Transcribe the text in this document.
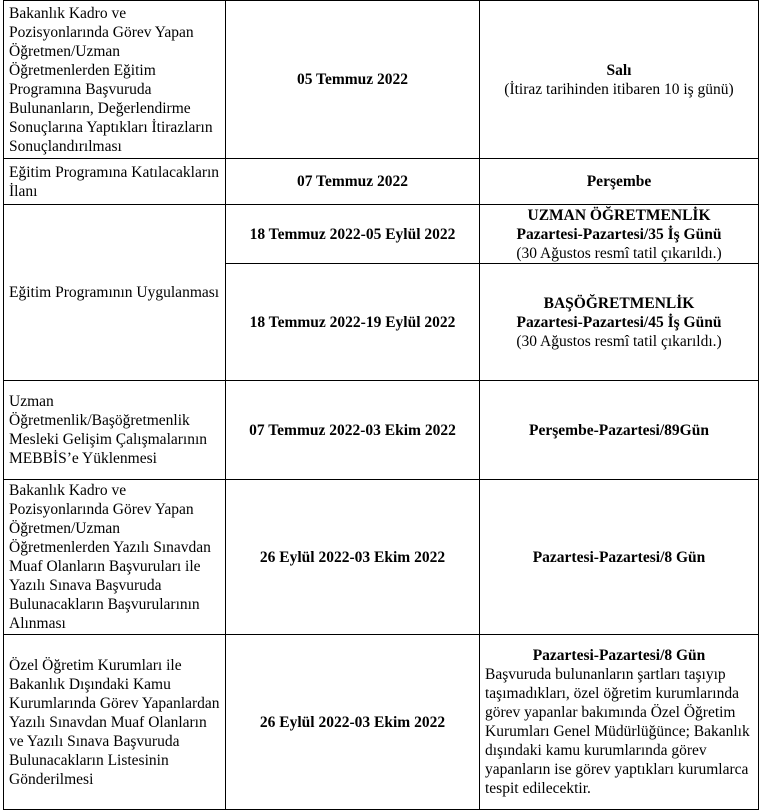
Bakanlık Kadro ve Pozisyonlarında Görev Yapan Öğretmen/Uzman Öğretmenlerden Eğitim Programına Başvuruda Bulunanların, Değerlendirme Sonuçlarına Yaptıkları İtirazların Sonuçlandırılması	05 Temmuz 2022	Salı
(İtiraz tarihinden itibaren 10 iş günü)

Eğitim Programına Katılacakların İlanı	07 Temmuz 2022	Perşembe

Eğitim Programının Uygulanması	18 Temmuz 2022-05 Eylül 2022	UZMAN ÖĞRETMENLİK
Pazartesi-Pazartesi/35 İş Günü
(30 Ağustos resmî tatil çıkarıldı.)

	18 Temmuz 2022-19 Eylül 2022	BAŞÖĞRETMENLİK
Pazartesi-Pazartesi/45 İş Günü
(30 Ağustos resmî tatil çıkarıldı.)

Uzman Öğretmenlik/Başöğretmenlik Mesleki Gelişim Çalışmalarının MEBBİS’e Yüklenmesi	07 Temmuz 2022-03 Ekim 2022	Perşembe-Pazartesi/89Gün

Bakanlık Kadro ve Pozisyonlarında Görev Yapan Öğretmen/Uzman Öğretmenlerden Yazılı Sınavdan Muaf Olanların Başvuruları ile Yazılı Sınava Başvuruda Bulunacakların Başvurularının Alınması	26 Eylül 2022-03 Ekim 2022	Pazartesi-Pazartesi/8 Gün

Özel Öğretim Kurumları ile Bakanlık Dışındaki Kamu Kurumlarında Görev Yapanlardan Yazılı Sınavdan Muaf Olanların ve Yazılı Sınava Başvuruda Bulunacakların Listesinin Gönderilmesi	26 Eylül 2022-03 Ekim 2022	Pazartesi-Pazartesi/8 Gün
Başvuruda bulunanların şartları taşıyıp taşımadıkları, özel öğretim kurumlarında görev yapanlar bakımında Özel Öğretim Kurumları Genel Müdürlüğünce; Bakanlık dışındaki kamu kurumlarında görev yapanların ise görev yaptıkları kurumlarca tespit edilecektir.
